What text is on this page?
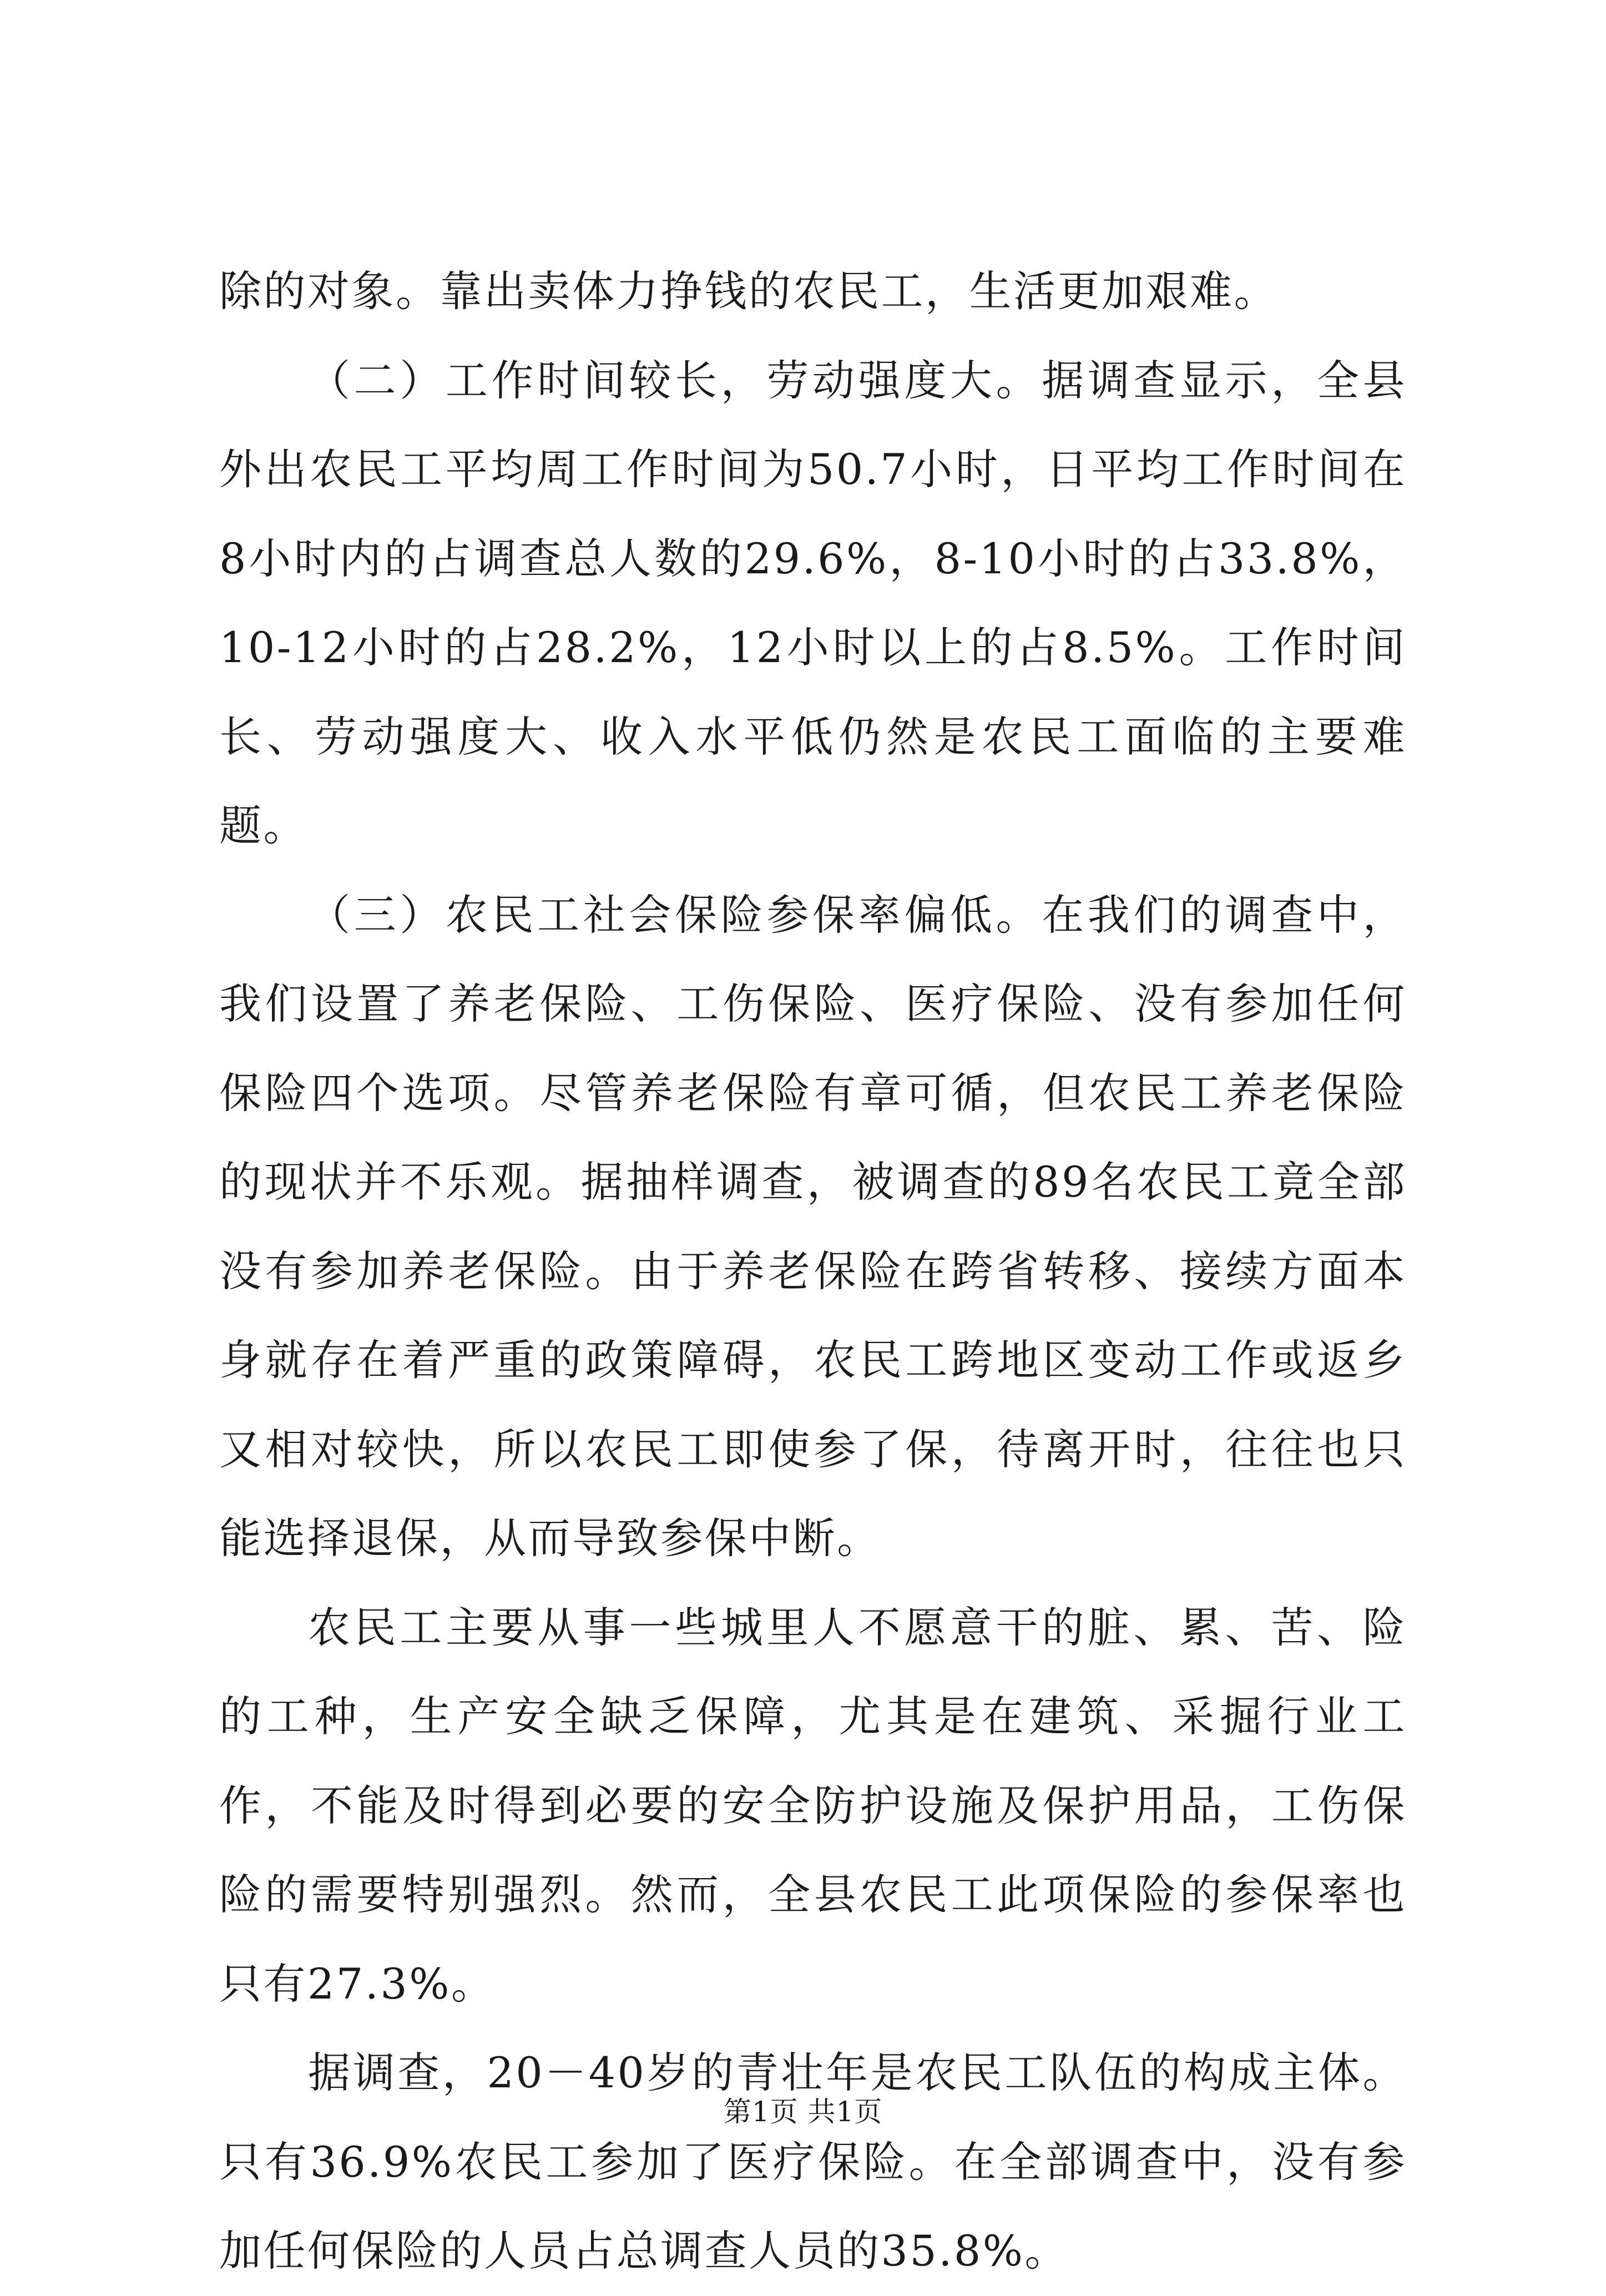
除的对象。靠出卖体力挣钱的农民工，生活更加艰难。

（二）工作时间较长，劳动强度大。据调查显示，全县外出农民工平均周工作时间为50.7小时，日平均工作时间在8小时内的占调查总人数的29.6%，8-10小时的占33.8%，10-12小时的占28.2%，12小时以上的占8.5%。工作时间长、劳动强度大、收入水平低仍然是农民工面临的主要难题。

（三）农民工社会保险参保率偏低。在我们的调查中，我们设置了养老保险、工伤保险、医疗保险、没有参加任何保险四个选项。尽管养老保险有章可循，但农民工养老保险的现状并不乐观。据抽样调查，被调查的89名农民工竟全部没有参加养老保险。由于养老保险在跨省转移、接续方面本身就存在着严重的政策障碍，农民工跨地区变动工作或返乡又相对较快，所以农民工即使参了保，待离开时，往往也只能选择退保，从而导致参保中断。

农民工主要从事一些城里人不愿意干的脏、累、苦、险的工种，生产安全缺乏保障，尤其是在建筑、采掘行业工作，不能及时得到必要的安全防护设施及保护用品，工伤保险的需要特别强烈。然而，全县农民工此项保险的参保率也只有27.3%。

据调查，20－40岁的青壮年是农民工队伍的构成主体。只有36.9%农民工参加了医疗保险。在全部调查中，没有参加任何保险的人员占总调查人员的35.8%。

第1页 共1页
